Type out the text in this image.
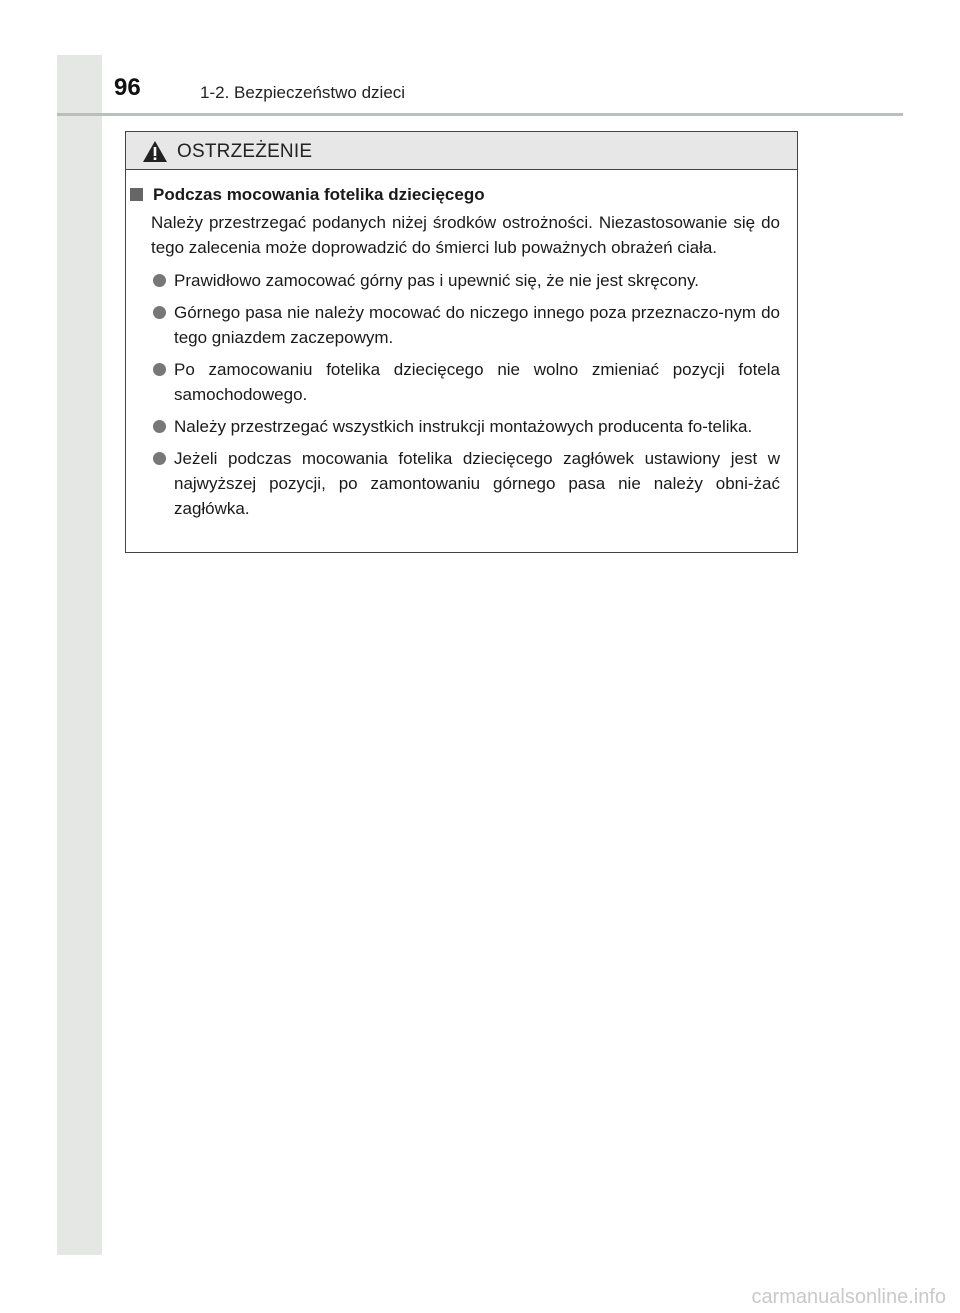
96	1-2. Bezpieczeństwo dzieci
OSTRZEŻENIE
Podczas mocowania fotelika dziecięcego
Należy przestrzegać podanych niżej środków ostrożności. Niezastosowanie się do tego zalecenia może doprowadzić do śmierci lub poważnych obrażeń ciała.
Prawidłowo zamocować górny pas i upewnić się, że nie jest skręcony.
Górnego pasa nie należy mocować do niczego innego poza przeznaczo-nym do tego gniazdem zaczepowym.
Po zamocowaniu fotelika dziecięcego nie wolno zmieniać pozycji fotela samochodowego.
Należy przestrzegać wszystkich instrukcji montażowych producenta fo-telika.
Jeżeli podczas mocowania fotelika dziecięcego zagłówek ustawiony jest w najwyższej pozycji, po zamontowaniu górnego pasa nie należy obni-żać zagłówka.
carmanualsonline.info
